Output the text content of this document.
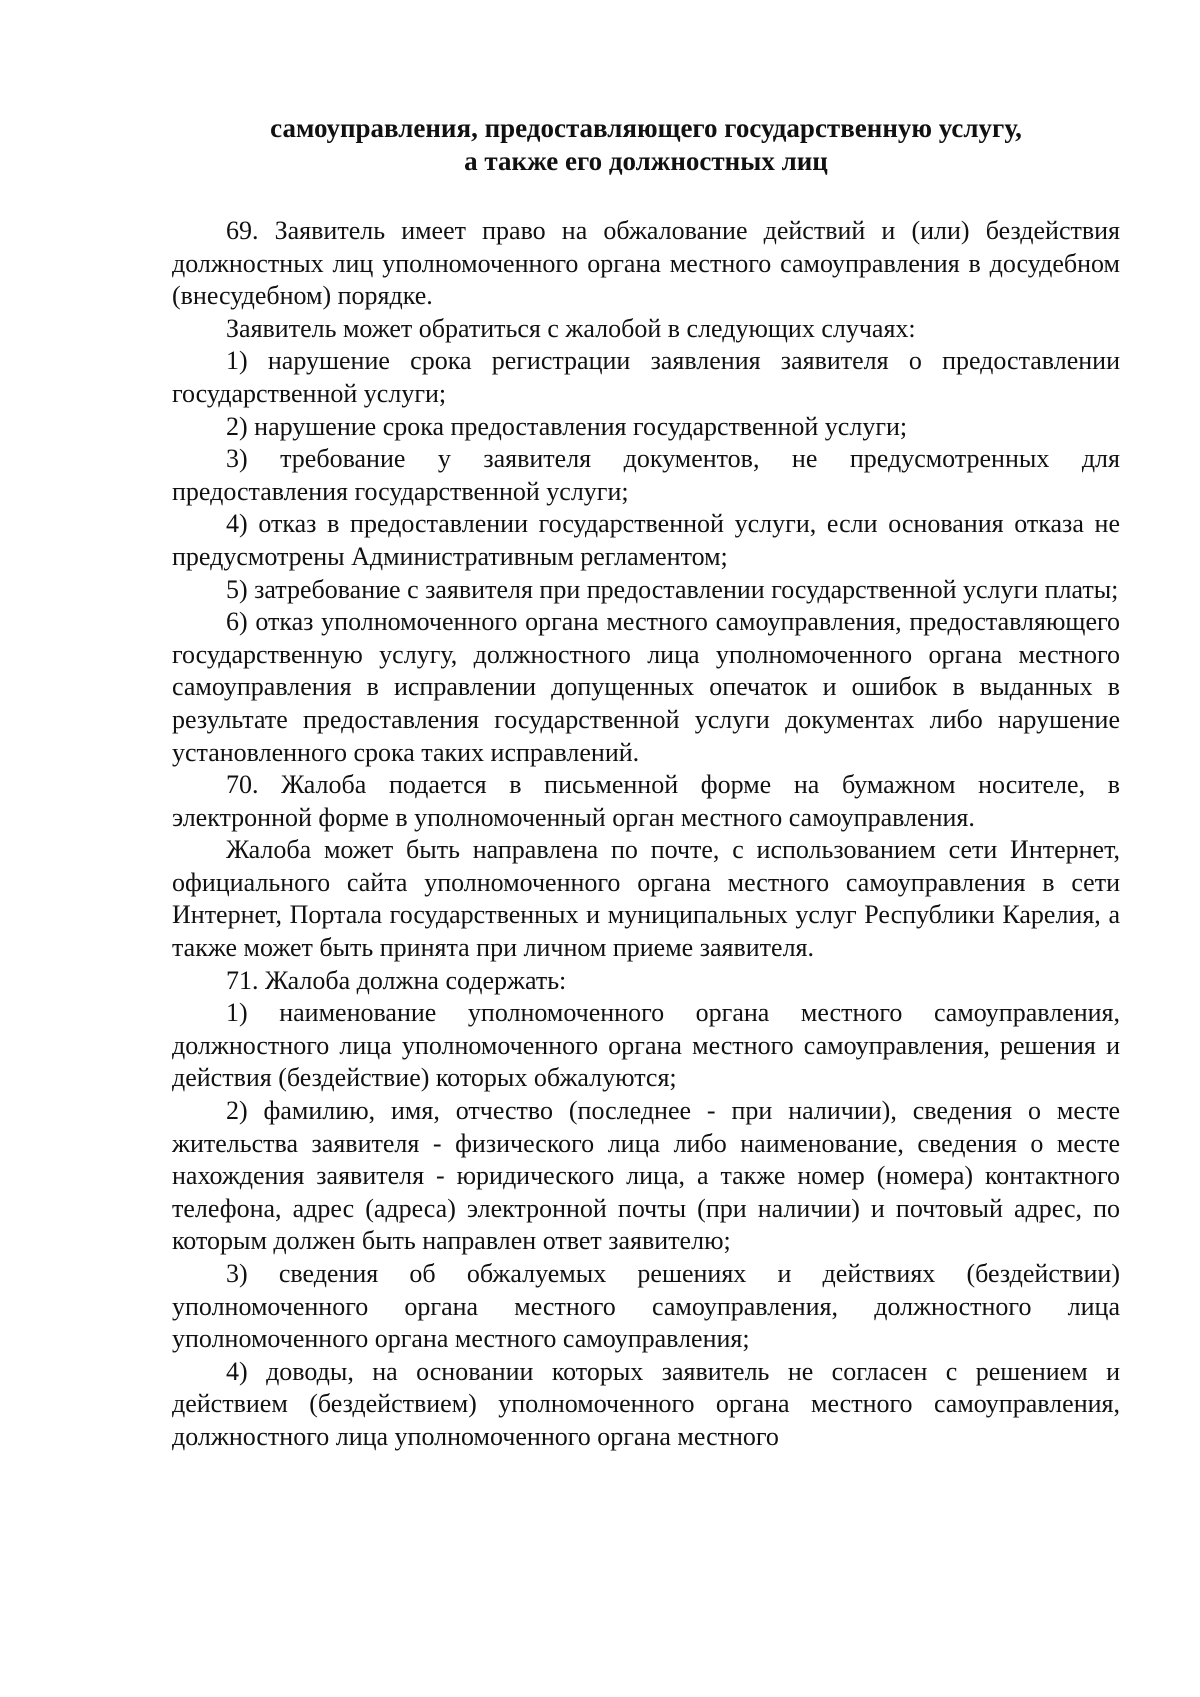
самоуправления, предоставляющего государственную услугу,
а также его должностных лиц

69. Заявитель имеет право на обжалование действий и (или) бездействия должностных лиц уполномоченного органа местного самоуправления в досудебном (внесудебном) порядке.

Заявитель может обратиться с жалобой в следующих случаях:

1) нарушение срока регистрации заявления заявителя о предоставлении государственной услуги;

2) нарушение срока предоставления государственной услуги;

3) требование у заявителя документов, не предусмотренных для предоставления государственной услуги;

4) отказ в предоставлении государственной услуги, если основания отказа не предусмотрены Административным регламентом;

5) затребование с заявителя при предоставлении государственной услуги платы;

6) отказ уполномоченного органа местного самоуправления, предоставляющего государственную услугу, должностного лица уполномоченного органа местного самоуправления в исправлении допущенных опечаток и ошибок в выданных в результате предоставления государственной услуги документах либо нарушение установленного срока таких исправлений.

70. Жалоба подается в письменной форме на бумажном носителе, в электронной форме в уполномоченный орган местного самоуправления.

Жалоба может быть направлена по почте, с использованием сети Интернет, официального сайта уполномоченного органа местного самоуправления в сети Интернет, Портала государственных и муниципальных услуг Республики Карелия, а также может быть принята при личном приеме заявителя.

71. Жалоба должна содержать:

1) наименование уполномоченного органа местного самоуправления, должностного лица уполномоченного органа местного самоуправления, решения и действия (бездействие) которых обжалуются;

2) фамилию, имя, отчество (последнее - при наличии), сведения о месте жительства заявителя - физического лица либо наименование, сведения о месте нахождения заявителя - юридического лица, а также номер (номера) контактного телефона, адрес (адреса) электронной почты (при наличии) и почтовый адрес, по которым должен быть направлен ответ заявителю;

3) сведения об обжалуемых решениях и действиях (бездействии) уполномоченного органа местного самоуправления, должностного лица уполномоченного органа местного самоуправления;

4) доводы, на основании которых заявитель не согласен с решением и действием (бездействием) уполномоченного органа местного самоуправления, должностного лица уполномоченного органа местного
